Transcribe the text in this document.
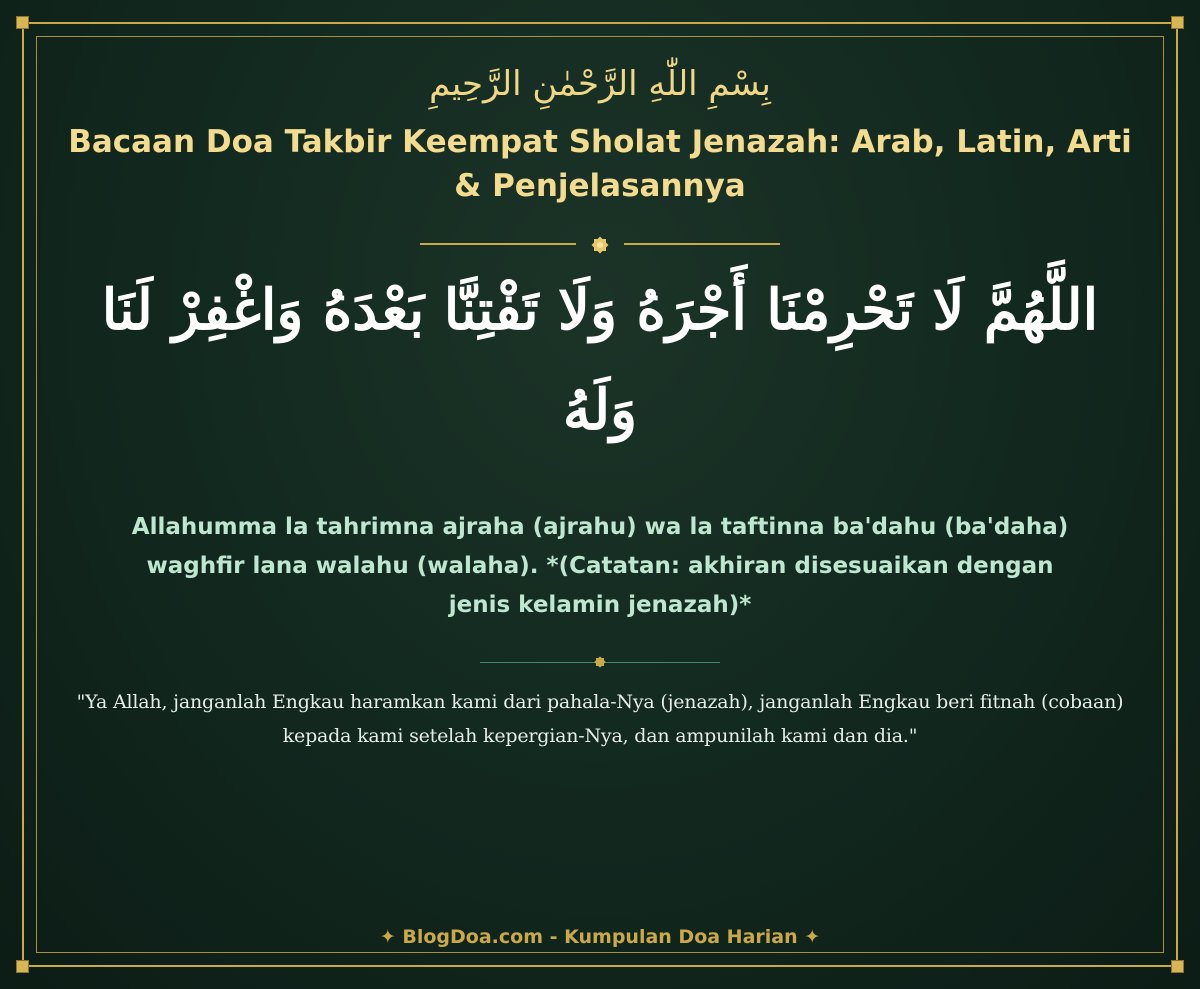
بِسْمِ اللّٰهِ الرَّحْمٰنِ الرَّحِيمِ
Bacaan Doa Takbir Keempat Sholat Jenazah: Arab, Latin, Arti & Penjelasannya
اللَّهُمَّ لَا تَحْرِمْنَا أَجْرَهُ وَلَا تَفْتِنَّا بَعْدَهُ وَاغْفِرْ لَنَا وَلَهُ
Allahumma la tahrimna ajraha (ajrahu) wa la taftinna ba'dahu (ba'daha) waghfir lana walahu (walaha). *(Catatan: akhiran disesuaikan dengan jenis kelamin jenazah)*
"Ya Allah, janganlah Engkau haramkan kami dari pahala-Nya (jenazah), janganlah Engkau beri fitnah (cobaan) kepada kami setelah kepergian-Nya, dan ampunilah kami dan dia."
✦ BlogDoa.com - Kumpulan Doa Harian ✦
